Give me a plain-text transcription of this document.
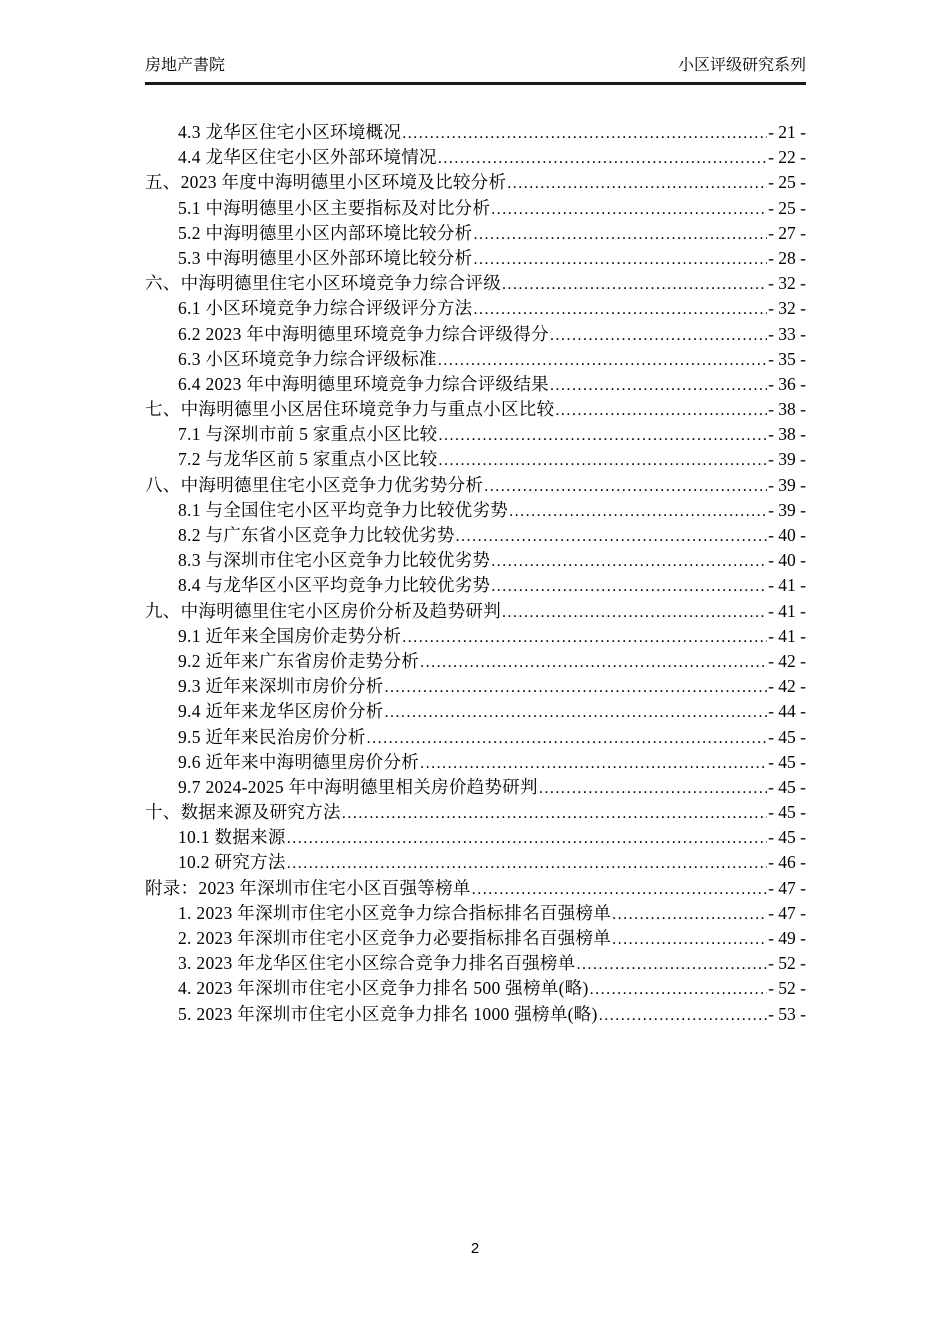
房地产書院	小区评级研究系列
4.3 龙华区住宅小区环境概况 .....	- 21 -
4.4 龙华区住宅小区外部环境情况 .....	- 22 -
五、2023 年度中海明德里小区环境及比较分析 .....	- 25 -
5.1 中海明德里小区主要指标及对比分析 .....	- 25 -
5.2 中海明德里小区内部环境比较分析 .....	- 27 -
5.3 中海明德里小区外部环境比较分析 .....	- 28 -
六、中海明德里住宅小区环境竞争力综合评级 .....	- 32 -
6.1 小区环境竞争力综合评级评分方法 .....	- 32 -
6.2 2023 年中海明德里环境竞争力综合评级得分 .....	- 33 -
6.3 小区环境竞争力综合评级标准 .....	- 35 -
6.4 2023 年中海明德里环境竞争力综合评级结果 .....	- 36 -
七、中海明德里小区居住环境竞争力与重点小区比较 .....	- 38 -
7.1 与深圳市前 5 家重点小区比较 .....	- 38 -
7.2 与龙华区前 5 家重点小区比较 .....	- 39 -
八、中海明德里住宅小区竞争力优劣势分析 .....	- 39 -
8.1 与全国住宅小区平均竞争力比较优劣势 .....	- 39 -
8.2 与广东省小区竞争力比较优劣势 .....	- 40 -
8.3 与深圳市住宅小区竞争力比较优劣势 .....	- 40 -
8.4 与龙华区小区平均竞争力比较优劣势 .....	- 41 -
九、中海明德里住宅小区房价分析及趋势研判 .....	- 41 -
9.1 近年来全国房价走势分析 .....	- 41 -
9.2 近年来广东省房价走势分析 .....	- 42 -
9.3 近年来深圳市房价分析 .....	- 42 -
9.4 近年来龙华区房价分析 .....	- 44 -
9.5 近年来民治房价分析 .....	- 45 -
9.6 近年来中海明德里房价分析 .....	- 45 -
9.7 2024-2025 年中海明德里相关房价趋势研判 .....	- 45 -
十、数据来源及研究方法 .....	- 45 -
10.1 数据来源 .....	- 45 -
10.2 研究方法 .....	- 46 -
附录：2023 年深圳市住宅小区百强等榜单 .....	- 47 -
1. 2023 年深圳市住宅小区竞争力综合指标排名百强榜单 .....	- 47 -
2. 2023 年深圳市住宅小区竞争力必要指标排名百强榜单 .....	- 49 -
3. 2023 年龙华区住宅小区综合竞争力排名百强榜单 .....	- 52 -
4. 2023 年深圳市住宅小区竞争力排名 500 强榜单(略) .....	- 52 -
5. 2023 年深圳市住宅小区竞争力排名 1000 强榜单(略) .....	- 53 -
2
